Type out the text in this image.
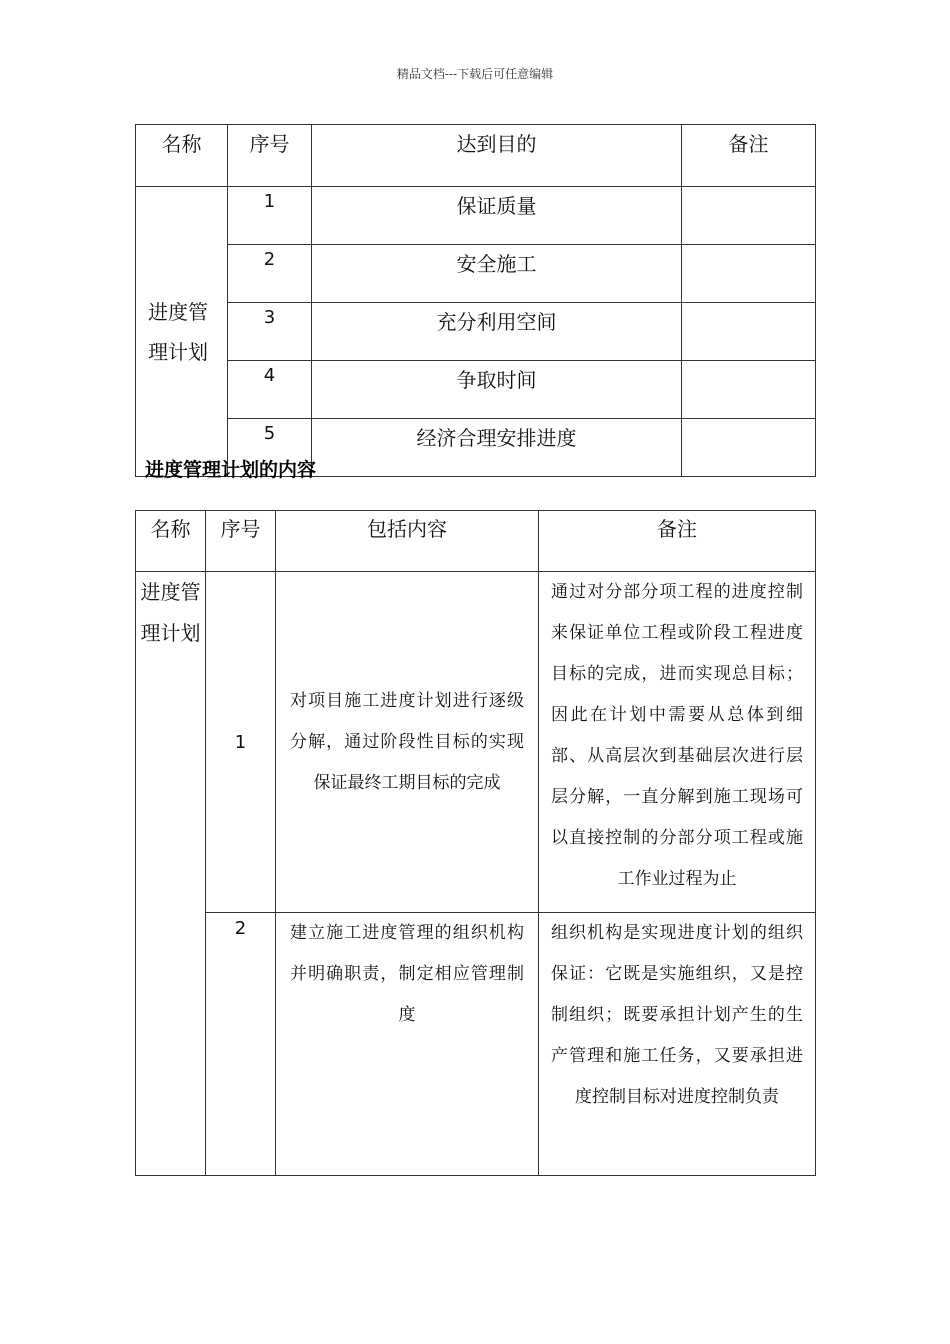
精品文档---下载后可任意编辑
名称	序号	达到目的	备注
进度管理计划	1	保证质量	
	2	安全施工	
	3	充分利用空间	
	4	争取时间	
	5	经济合理安排进度	
进度管理计划的内容
名称	序号	包括内容	备注
进度管理计划	1	对项目施工进度计划进行逐级分解，通过阶段性目标的实现保证最终工期目标的完成	通过对分部分项工程的进度控制来保证单位工程或阶段工程进度目标的完成，进而实现总目标；因此在计划中需要从总体到细部、从高层次到基础层次进行层层分解，一直分解到施工现场可以直接控制的分部分项工程或施工作业过程为止
	2	建立施工进度管理的组织机构并明确职责，制定相应管理制度	组织机构是实现进度计划的组织保证：它既是实施组织，又是控制组织；既要承担计划产生的生产管理和施工任务，又要承担进度控制目标对进度控制负责
